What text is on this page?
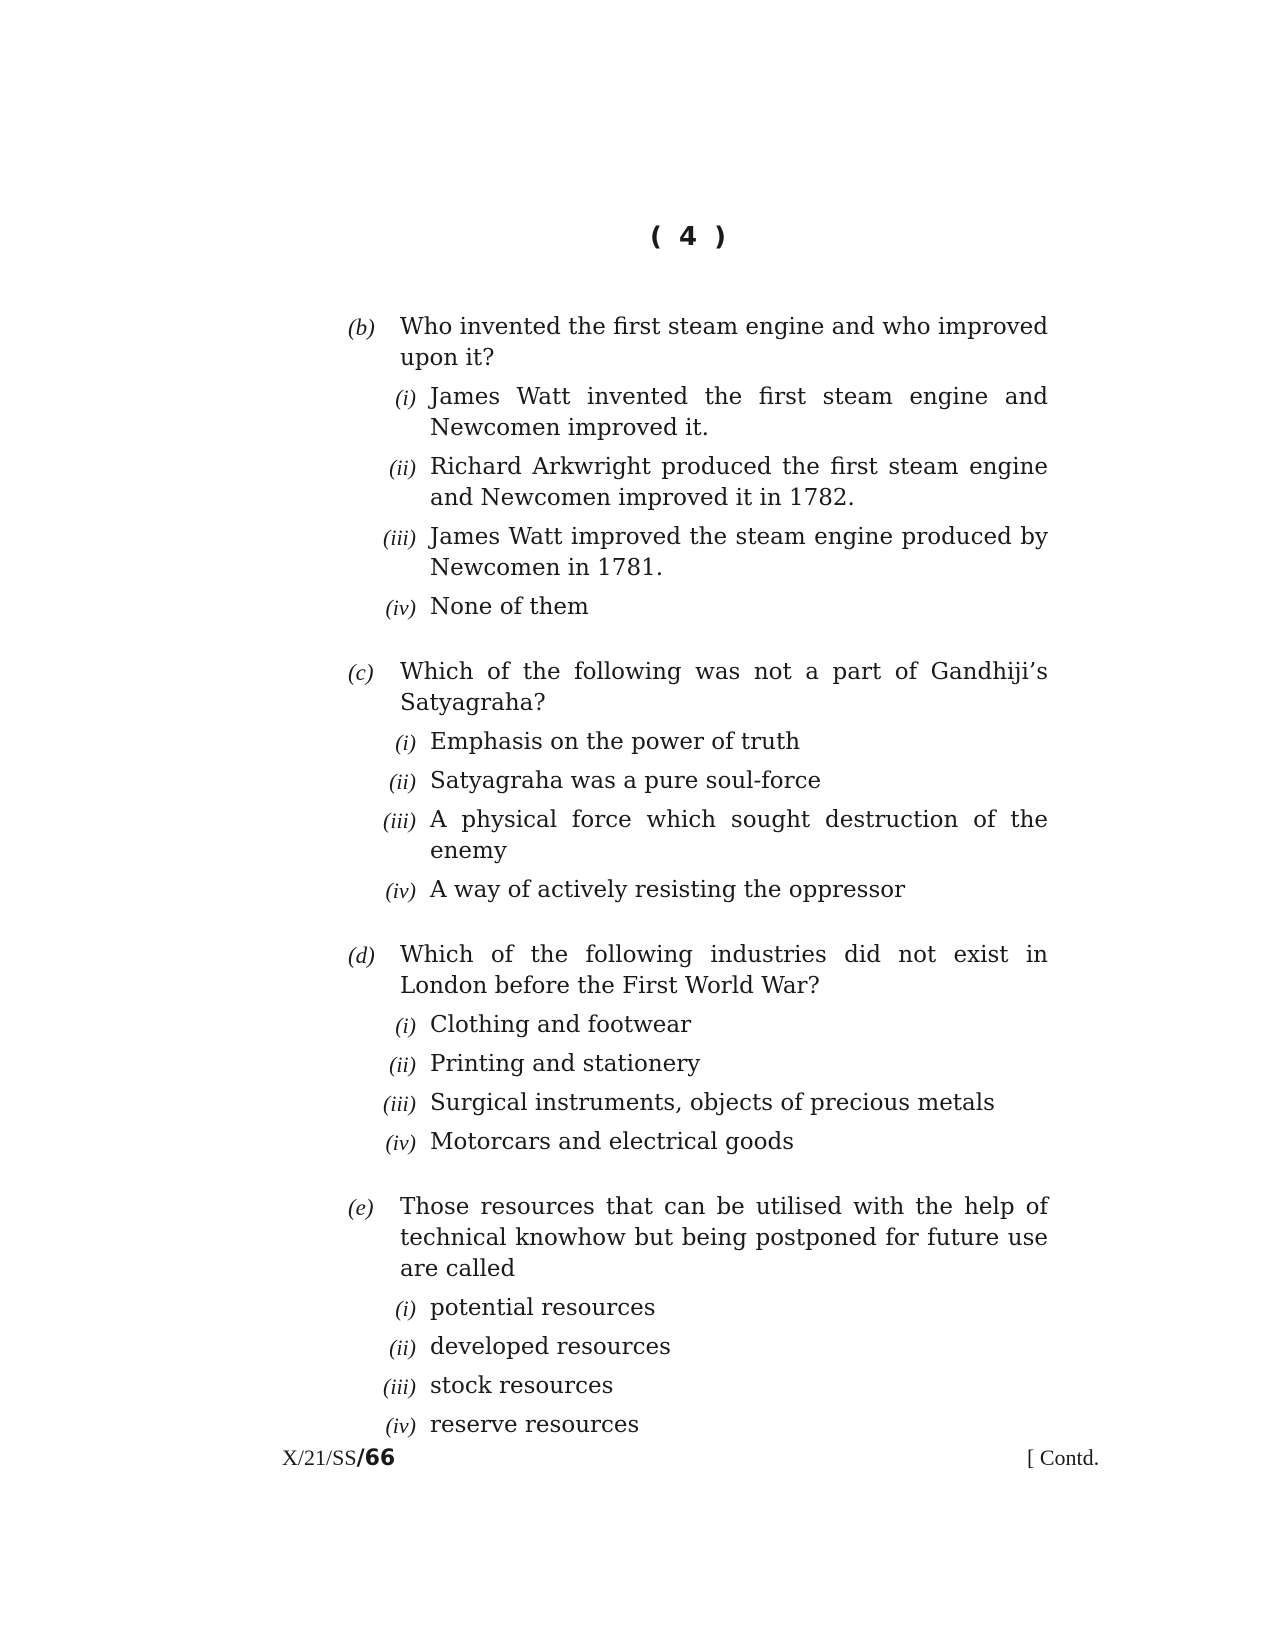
( 4 )
(b)	Who invented the first steam engine and who improved upon it?
(i) James Watt invented the first steam engine and Newcomen improved it.
(ii) Richard Arkwright produced the first steam engine and Newcomen improved it in 1782.
(iii) James Watt improved the steam engine produced by Newcomen in 1781.
(iv) None of them
(c)	Which of the following was not a part of Gandhiji’s Satyagraha?
(i) Emphasis on the power of truth
(ii) Satyagraha was a pure soul-force
(iii) A physical force which sought destruction of the enemy
(iv) A way of actively resisting the oppressor
(d)	Which of the following industries did not exist in London before the First World War?
(i) Clothing and footwear
(ii) Printing and stationery
(iii) Surgical instruments, objects of precious metals
(iv) Motorcars and electrical goods
(e)	Those resources that can be utilised with the help of technical knowhow but being postponed for future use are called
(i) potential resources
(ii) developed resources
(iii) stock resources
(iv) reserve resources
X/21/SS/66	[ Contd.
